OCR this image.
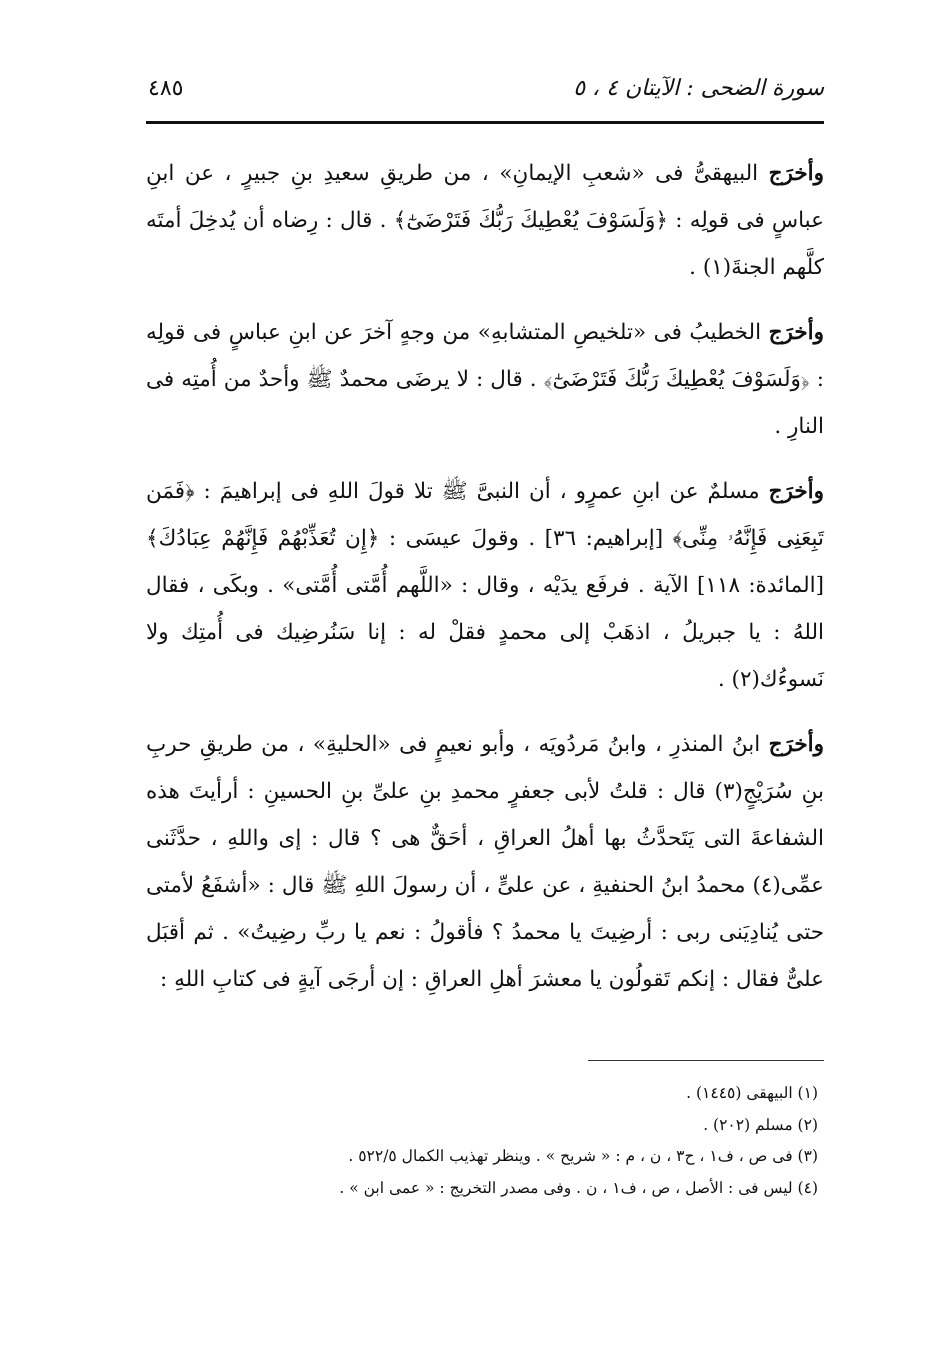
سورة الضحى : الآيتان ٤ ، ٥
٤٨٥

وأخرَج البيهقىُّ فى «شعبِ الإيمانِ» ، من طريقِ سعيدِ بنِ جبيرٍ ، عن ابنِ عباسٍ فى قولِه : ﴿وَلَسَوْفَ يُعْطِيكَ رَبُّكَ فَتَرْضَىٰٓ﴾ . قال : رِضاه أن يُدخِلَ أمتَه كلَّهم الجنةَ(١) .

وأخرَج الخطيبُ فى «تلخيصِ المتشابهِ» من وجهٍ آخرَ عن ابنِ عباسٍ فى قولِه : ﴿وَلَسَوْفَ يُعْطِيكَ رَبُّكَ فَتَرْضَىٰٓ﴾ . قال : لا يرضَى محمدٌ ﷺ وأحدٌ من أُمتِه فى النارِ .

وأخرَج مسلمٌ عن ابنِ عمرٍو ، أن النبىَّ ﷺ تلا قولَ اللهِ فى إبراهيمَ : ﴿فَمَن تَبِعَنِى فَإِنَّهُۥ مِنِّى﴾ [إبراهيم: ٣٦] . وقولَ عيسَى : ﴿إِن تُعَذِّبْهُمْ فَإِنَّهُمْ عِبَادُكَ﴾ [المائدة: ١١٨] الآية . فرفَع يدَيْه ، وقال : «اللَّهم أُمَّتى أُمَّتى» . وبكَى ، فقال اللهُ : يا جبريلُ ، اذهَبْ إلى محمدٍ فقلْ له : إنا سَنُرضِيك فى أُمتِك ولا نَسوءُك(٢) .

وأخرَج ابنُ المنذرِ ، وابنُ مَردُويَه ، وأبو نعيمٍ فى «الحليةِ» ، من طريقِ حربِ بنِ سُرَيْجٍ(٣) قال : قلتُ لأبى جعفرٍ محمدِ بنِ علىِّ بنِ الحسينِ : أرأيتَ هذه الشفاعةَ التى يَتَحدَّثُ بها أهلُ العراقِ ، أحَقٌّ هى ؟ قال : إى واللهِ ، حدَّثَنى عمِّى(٤) محمدُ ابنُ الحنفيةِ ، عن علىٍّ ، أن رسولَ اللهِ ﷺ قال : «أشفَعُ لأمتى حتى يُنادِيَنى ربى : أرضِيتَ يا محمدُ ؟ فأقولُ : نعم يا ربِّ رضِيتُ» . ثم أقبَل علىٌّ فقال : إنكم تَقولُون يا معشرَ أهلِ العراقِ : إن أرجَى آيةٍ فى كتابِ اللهِ :

(١) البيهقى (١٤٤٥) .

(٢) مسلم (٢٠٢) .

(٣) فى ص ، ف١ ، ح٣ ، ن ، م : « شريح » . وينظر تهذيب الكمال ٥٢٢/٥ .

(٤) ليس فى : الأصل ، ص ، ف١ ، ن . وفى مصدر التخريج : « عمى ابن » .
